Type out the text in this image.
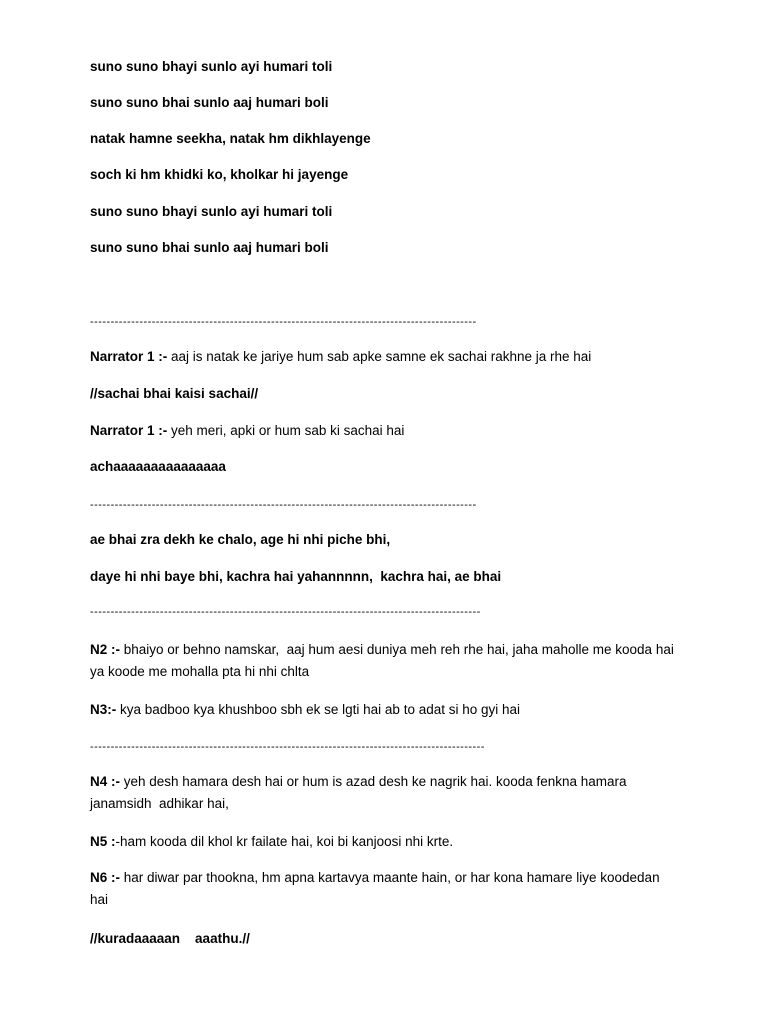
suno suno bhayi sunlo ayi humari toli

suno suno bhai sunlo aaj humari boli

natak hamne seekha, natak hm dikhlayenge

soch ki hm khidki ko, kholkar hi jayenge

suno suno bhayi sunlo ayi humari toli

suno suno bhai sunlo aaj humari boli

----------------------------------------------------------------------------------------------

Narrator 1 :- aaj is natak ke jariye hum sab apke samne ek sachai rakhne ja rhe hai

//sachai bhai kaisi sachai//

Narrator 1 :- yeh meri, apki or hum sab ki sachai hai

achaaaaaaaaaaaaaaa

----------------------------------------------------------------------------------------------

ae bhai zra dekh ke chalo, age hi nhi piche bhi,

daye hi nhi baye bhi, kachra hai yahannnnn,  kachra hai, ae bhai

-----------------------------------------------------------------------------------------------

N2 :- bhaiyo or behno namskar,  aaj hum aesi duniya meh reh rhe hai, jaha maholle me kooda hai ya koode me mohalla pta hi nhi chlta

N3:- kya badboo kya khushboo sbh ek se lgti hai ab to adat si ho gyi hai

------------------------------------------------------------------------------------------------

N4 :- yeh desh hamara desh hai or hum is azad desh ke nagrik hai. kooda fenkna hamara janamsidh  adhikar hai,

N5 :-ham kooda dil khol kr failate hai, koi bi kanjoosi nhi krte.

N6 :- har diwar par thookna, hm apna kartavya maante hain, or har kona hamare liye koodedan hai

//kuradaaaaan    aaathu.//
